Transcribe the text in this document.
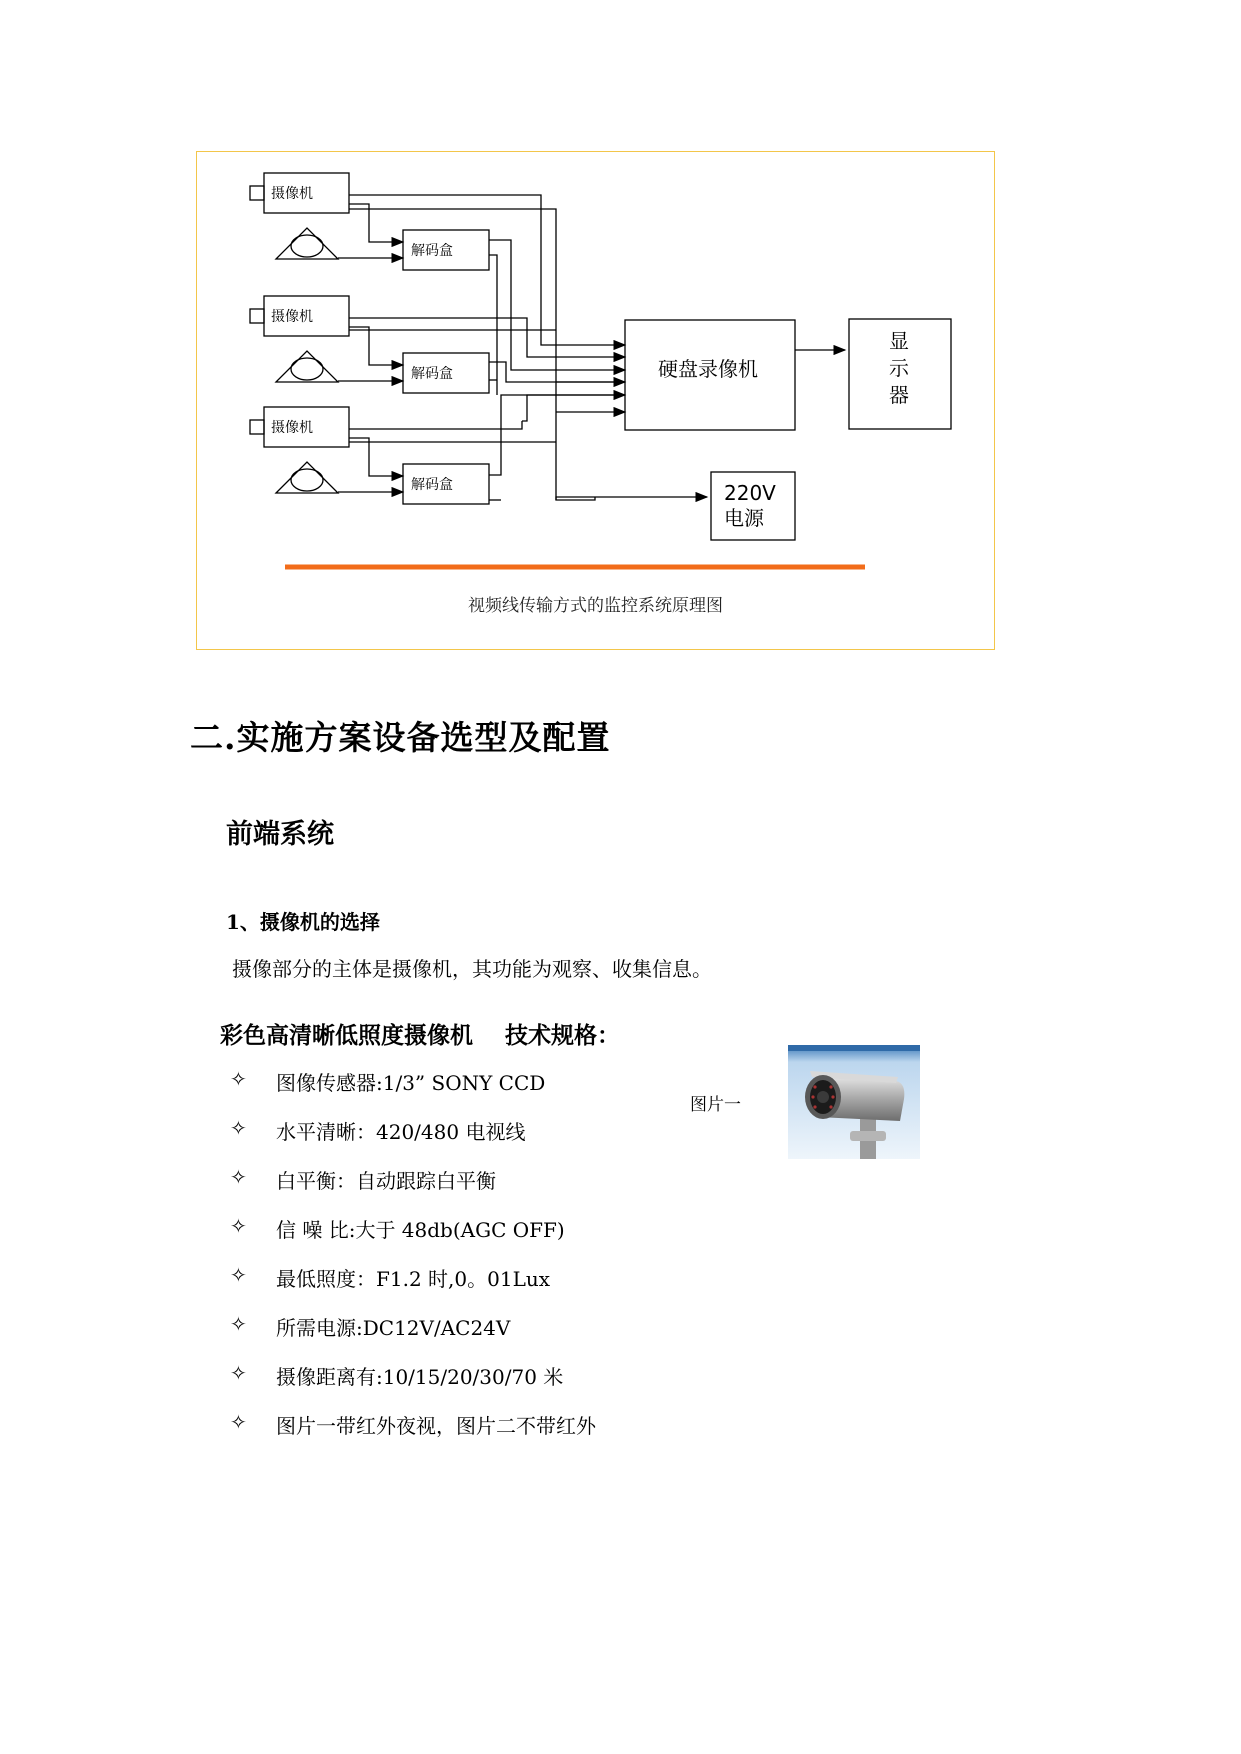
摄像机
摄像机
摄像机
解码盒
解码盒
解码盒
硬盘录像机
显
示
器
220V
电源
视频线传输方式的监控系统原理图
二.实施方案设备选型及配置
前端系统
1、摄像机的选择
摄像部分的主体是摄像机，其功能为观察、收集信息。
彩色高清晰低照度摄像机    技术规格：
✧	图像传感器:1/3” SONY CCD
✧	水平清晰：420/480 电视线
✧	白平衡：自动跟踪白平衡
✧	信 噪 比:大于 48db(AGC OFF)
✧	最低照度：F1.2 时,0。01Lux
✧	所需电源:DC12V/AC24V
✧	摄像距离有:10/15/20/30/70 米
✧	图片一带红外夜视，图片二不带红外
图片一
